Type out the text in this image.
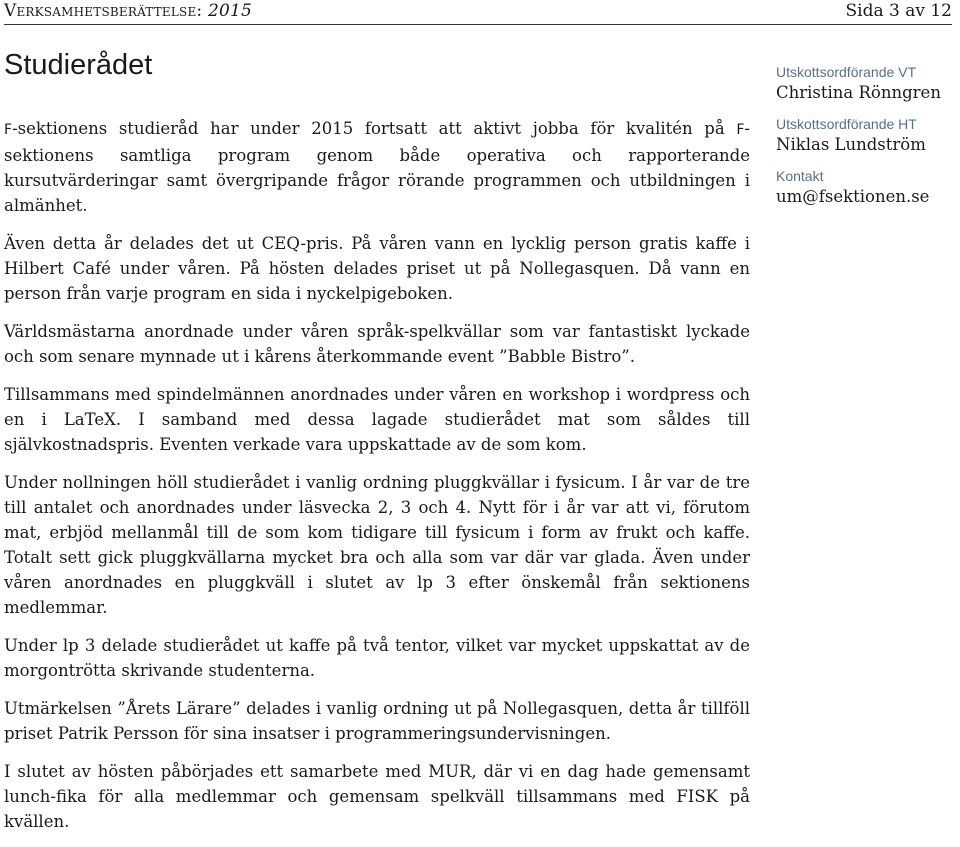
Verksamhetsberättelse: 2015	Sida 3 av 12
Studierådet

Ϝ-sektionens studieråd har under 2015 fortsatt att aktivt jobba för kvalitén på Ϝ-sektionens samtliga program genom både operativa och rapporterande kursutvärderingar samt övergripande frågor rörande programmen och utbildningen i almänhet.

Även detta år delades det ut CEQ-pris. På våren vann en lycklig person gratis kaffe i Hilbert Café under våren. På hösten delades priset ut på Nollegasquen. Då vann en person från varje program en sida i nyckelpigeboken.

Världsmästarna anordnade under våren språk-spelkvällar som var fantastiskt lyckade och som senare mynnade ut i kårens återkommande event ”Babble Bistro”.

Tillsammans med spindelmännen anordnades under våren en workshop i wordpress och en i LaTeX. I samband med dessa lagade studierådet mat som såldes till självkostnadspris. Eventen verkade vara uppskattade av de som kom.

Under nollningen höll studierådet i vanlig ordning pluggkvällar i fysicum. I år var de tre till antalet och anordnades under läsvecka 2, 3 och 4. Nytt för i år var att vi, förutom mat, erbjöd mellanmål till de som kom tidigare till fysicum i form av frukt och kaffe. Totalt sett gick pluggkvällarna mycket bra och alla som var där var glada. Även under våren anordnades en pluggkväll i slutet av lp 3 efter önskemål från sektionens medlemmar.

Under lp 3 delade studierådet ut kaffe på två tentor, vilket var mycket uppskattat av de morgontrötta skrivande studenterna.

Utmärkelsen ”Årets Lärare” delades i vanlig ordning ut på Nollegasquen, detta år tillföll priset Patrik Persson för sina insatser i programmeringsundervisningen.

I slutet av hösten påbörjades ett samarbete med MUR, där vi en dag hade gemensamt lunch-fika för alla medlemmar och gemensam spelkväll tillsammans med FISK på kvällen.

Utskottsordförande VT
Christina Rönngren
Utskottsordförande HT
Niklas Lundström
Kontakt
um@fsektionen.se
